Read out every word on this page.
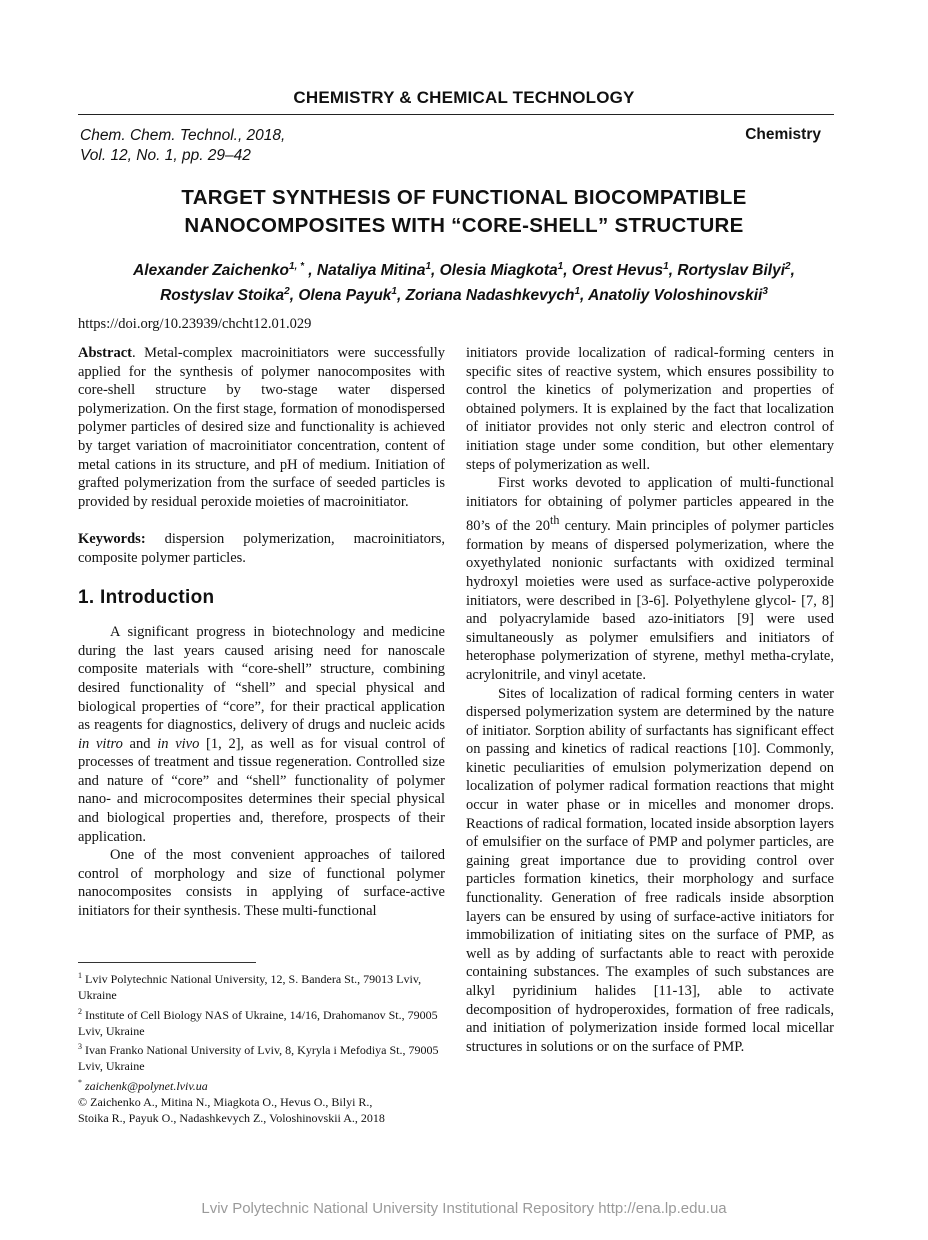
CHEMISTRY & CHEMICAL TECHNOLOGY
Chem. Chem. Technol., 2018,
Vol. 12, No. 1, pp. 29–42
Chemistry
TARGET SYNTHESIS OF FUNCTIONAL BIOCOMPATIBLE
NANOCOMPOSITES WITH “CORE-SHELL” STRUCTURE
Alexander Zaichenko$^{1, *}$ , Nataliya Mitina$^1$, Olesia Miagkota$^1$, Orest Hevus$^1$, Rortyslav Bilyi$^2$,
Rostyslav Stoika$^2$, Olena Payuk$^1$, Zoriana Nadashkevych$^1$, Anatoliy Voloshinovskii$^3$
https://doi.org/10.23939/chcht12.01.029

Abstract. Metal-complex macroinitiators were successfully applied for the synthesis of polymer nanocomposites with core-shell structure by two-stage water dispersed polymerization. On the first stage, formation of monodispersed polymer particles of desired size and functionality is achieved by target variation of macroinitiator concentration, content of metal cations in its structure, and pH of medium. Initiation of grafted polymerization from the surface of seeded particles is provided by residual peroxide moieties of macroinitiator.

Keywords: dispersion polymerization, macroinitiators, composite polymer particles.

1. Introduction

A significant progress in biotechnology and medicine during the last years caused arising need for nanoscale composite materials with “core-shell” structure, combining desired functionality of “shell” and special physical and biological properties of “core”, for their practical application as reagents for diagnostics, delivery of drugs and nucleic acids in vitro and in vivo [1, 2], as well as for visual control of processes of treatment and tissue regeneration. Controlled size and nature of “core” and “shell” functionality of polymer nano- and microcomposites determines their special physical and biological properties and, therefore, prospects of their application.

One of the most convenient approaches of tailored control of morphology and size of functional polymer nanocomposites consists in applying of surface-active initiators for their synthesis. These multi-functional

$^1$ Lviv Polytechnic National University, 12, S. Bandera St., 79013 Lviv, Ukraine

$^2$ Institute of Cell Biology NAS of Ukraine, 14/16, Drahomanov St., 79005 Lviv, Ukraine

$^3$ Ivan Franko National University of Lviv, 8, Kyryla i Mefodiya St., 79005 Lviv, Ukraine

* zaichenk@polynet.lviv.ua

© Zaichenko A., Mitina N., Miagkota O., Hevus O., Bilyi R.,
Stoika R., Payuk O., Nadashkevych Z., Voloshinovskii A., 2018

initiators provide localization of radical-forming centers in specific sites of reactive system, which ensures possibility to control the kinetics of polymerization and properties of obtained polymers. It is explained by the fact that localization of initiator provides not only steric and electron control of initiation stage under some condition, but other elementary steps of polymerization as well.

First works devoted to application of multi-functional initiators for obtaining of polymer particles appeared in the 80’s of the 20th century. Main principles of polymer particles formation by means of dispersed polymerization, where the oxyethylated nonionic surfactants with oxidized terminal hydroxyl moieties were used as surface-active polyperoxide initiators, were described in [3-6]. Polyethylene glycol- [7, 8] and polyacrylamide based azo-initiators [9] were used simultaneously as polymer emulsifiers and initiators of heterophase polymerization of styrene, methyl metha-crylate, acrylonitrile, and vinyl acetate.

Sites of localization of radical forming centers in water dispersed polymerization system are determined by the nature of initiator. Sorption ability of surfactants has significant effect on passing and kinetics of radical reactions [10]. Commonly, kinetic peculiarities of emulsion polymerization depend on localization of polymer radical formation reactions that might occur in water phase or in micelles and monomer drops. Reactions of radical formation, located inside absorption layers of emulsifier on the surface of PMP and polymer particles, are gaining great importance due to providing control over particles formation kinetics, their morphology and surface functionality. Generation of free radicals inside absorption layers can be ensured by using of surface-active initiators for immobilization of initiating sites on the surface of PMP, as well as by adding of surfactants able to react with peroxide containing substances. The examples of such substances are alkyl pyridinium halides [11-13], able to activate decomposition of hydroperoxides, formation of free radicals, and initiation of polymerization inside formed local micellar structures in solutions or on the surface of PMP.

Lviv Polytechnic National University Institutional Repository http://ena.lp.edu.ua
